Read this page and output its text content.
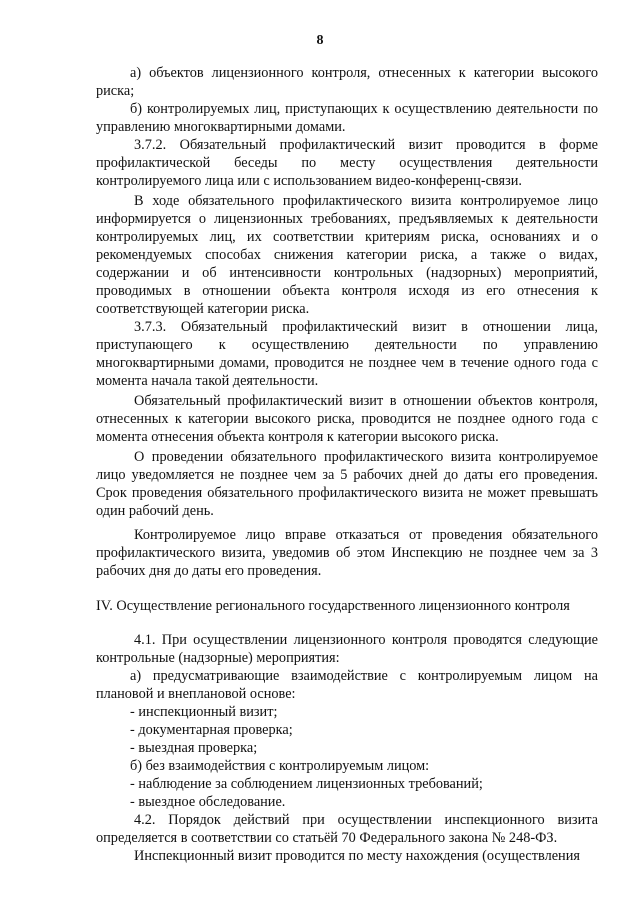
8

а) объектов лицензионного контроля, отнесенных к категории высокого риска;

б) контролируемых лиц, приступающих к осуществлению деятельности по управлению многоквартирными домами.

3.7.2. Обязательный профилактический визит проводится в форме профилактической беседы по месту осуществления деятельности контролируемого лица или с использованием видео-конференц-связи.

В ходе обязательного профилактического визита контролируемое лицо информируется о лицензионных требованиях, предъявляемых к деятельности контролируемых лиц, их соответствии критериям риска, основаниях и о рекомендуемых способах снижения категории риска, а также о видах, содержании и об интенсивности контрольных (надзорных) мероприятий, проводимых в отношении объекта контроля исходя из его отнесения к соответствующей категории риска.

3.7.3. Обязательный профилактический визит в отношении лица, приступающего к осуществлению деятельности по управлению многоквартирными домами, проводится не позднее чем в течение одного года с момента начала такой деятельности.

Обязательный профилактический визит в отношении объектов контроля, отнесенных к категории высокого риска, проводится не позднее одного года с момента отнесения объекта контроля к категории высокого риска.

О проведении обязательного профилактического визита контролируемое лицо уведомляется не позднее чем за 5 рабочих дней до даты его проведения. Срок проведения обязательного профилактического визита не может превышать один рабочий день.

Контролируемое лицо вправе отказаться от проведения обязательного профилактического визита, уведомив об этом Инспекцию не позднее чем за 3 рабочих дня до даты его проведения.

IV. Осуществление регионального государственного лицензионного контроля

4.1. При осуществлении лицензионного контроля проводятся следующие контрольные (надзорные) мероприятия:

а) предусматривающие взаимодействие с контролируемым лицом на плановой и внеплановой основе:

- инспекционный визит;

- документарная проверка;

- выездная проверка;

б) без взаимодействия с контролируемым лицом:

- наблюдение за соблюдением лицензионных требований;

- выездное обследование.

4.2. Порядок действий при осуществлении инспекционного визита определяется в соответствии со статьёй 70 Федерального закона № 248-ФЗ.

Инспекционный визит проводится по месту нахождения (осуществления
